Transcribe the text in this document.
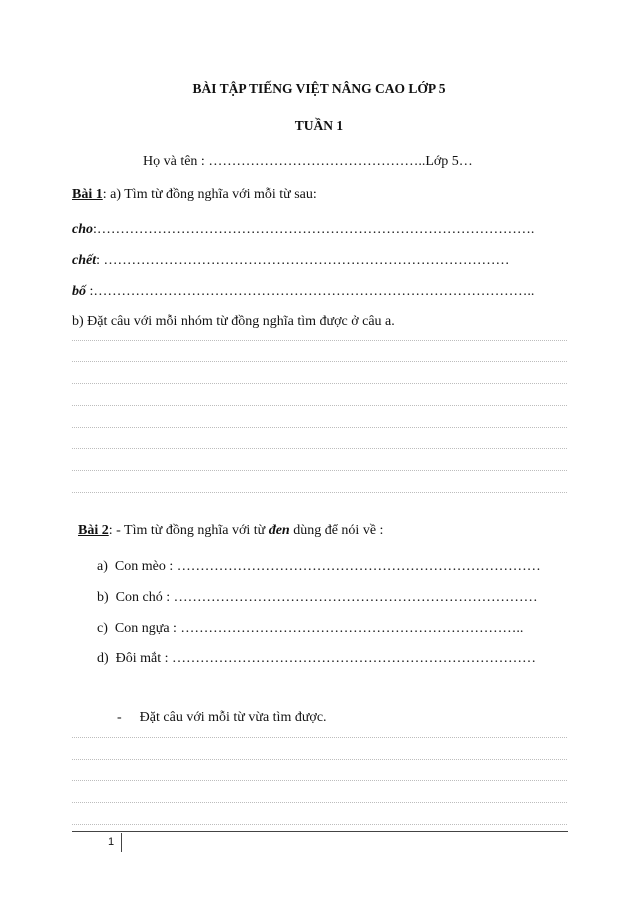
BÀI TẬP TIẾNG VIỆT NÂNG CAO LỚP 5
TUẦN 1
Họ và tên : ………………………………………..Lớp 5…
Bài 1: a) Tìm từ đồng nghĩa với mỗi từ sau:
cho:………………………………………………………………………………….
chết: ……………………………………………………………………………
bố :…………………………………………………………………………………..
b) Đặt câu với mỗi nhóm từ đồng nghĩa tìm được ở câu a.
Bài 2: - Tìm từ đồng nghĩa với từ đen dùng để nói về :
a) Con mèo : ……………………………………………………………………
b) Con chó : ……………………………………………………………………
c) Con ngựa : ………………………………………………………………..
d) Đôi mắt : ……………………………………………………………………
- Đặt câu với mỗi từ vừa tìm được.
1
